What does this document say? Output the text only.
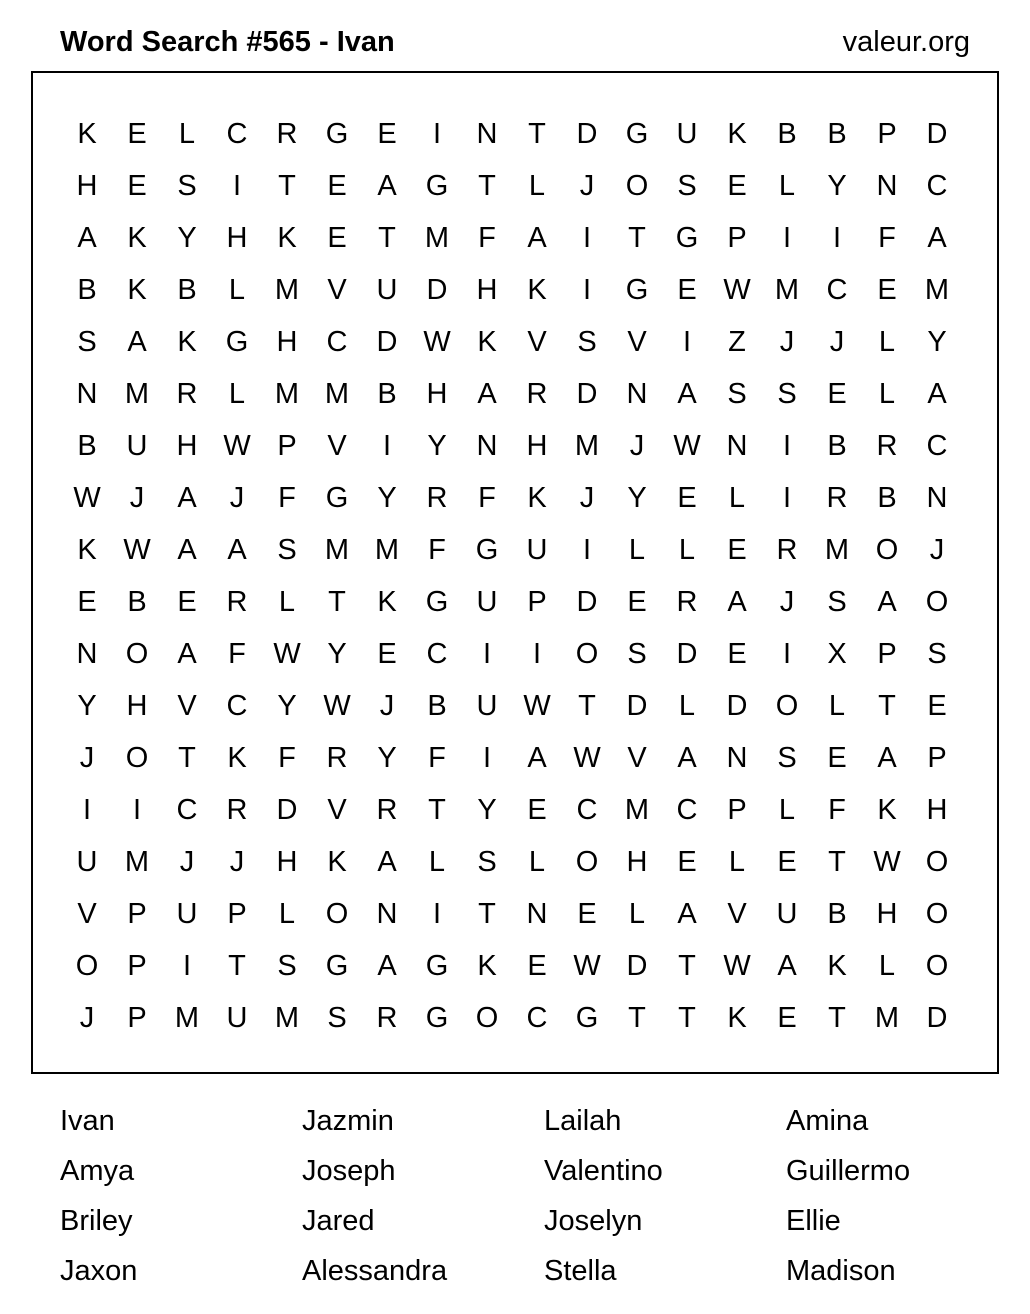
Word Search #565 - Ivan	valeur.org
K	E	L	C	R G	E	I	N	T	D G U	K	B	B	P	D
H	E	S	I	T	E	A	G	T	L	J	O	S	E	L	Y	N	C
A	K	Y	H	K	E	T	M	F	A	I	T	G	P	I	I	F	A
B	K	B	L	M V	U	D	H	K	I	G	E W M C	E M
S	A	K	G H	C	D W K	V	S	V	I	Z	J	J	L	Y
N M R	L	M M B	H	A	R	D	N	A	S	S	E	L	A
B	U	H W P	V	I	Y	N	H M	J	W N	I	B	R	C
W	J	A	J	F	G	Y	R	F	K	J	Y	E	L	I	R	B	N
K W A	A	S M M	F	G U	I	L	L	E	R M O	J
E	B	E	R	L	T	K	G U	P	D	E	R	A	J	S	A	O
N O	A	F W Y	E	C	I	I	O	S	D	E	I	X	P	S
Y	H	V	C	Y W	J	B	U W T	D	L	D O	L	T	E
J	O	T	K	F	R	Y	F	I	A W V	A	N	S	E	A	P
I	I	C	R	D	V	R	T	Y	E	C M C	P	L	F	K	H
U M	J	J	H	K	A	L	S	L	O H	E	L	E	T W O
V	P	U	P	L	O N	I	T	N	E	L	A	V	U	B	H O
O	P	I	T	S	G	A	G	K	E W D	T W A	K	L	O
J	P M U M S	R G O C G	T	T	K	E	T	M D
Ivan	Jazmin	Lailah	Amina
Amya	Joseph	Valentino	Guillermo
Briley	Jared	Joselyn	Ellie
Jaxon	Alessandra	Stella	Madison
